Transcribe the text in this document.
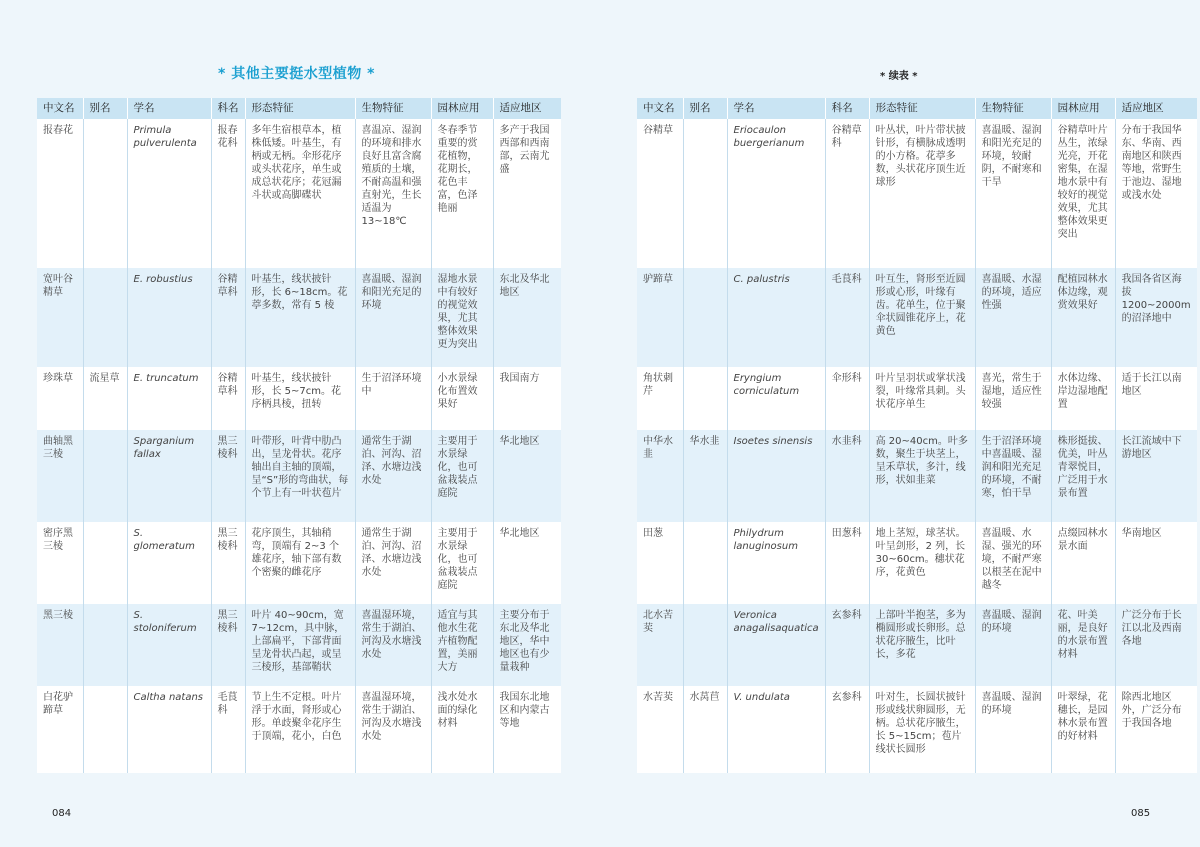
* 其他主要挺水型植物 *
中文名	别名	学名	科名	形态特征	生物特征	园林应用	适应地区
报春花		Primula pulverulenta	报春花科	多年生宿根草本，植株低矮。叶基生，有柄或无柄。伞形花序或头状花序，单生或成总状花序；花冠漏斗状或高脚碟状	喜温凉、湿润的环境和排水良好且富含腐殖质的土壤，不耐高温和强直射光，生长适温为 13~18℃	冬春季节重要的赏花植物，花期长，花色丰富，色泽艳丽	多产于我国西部和西南部，云南尤盛
宽叶谷精草		E. robustius	谷精草科	叶基生，线状披针形，长 6~18cm。花葶多数，常有 5 棱	喜温暖、湿润和阳光充足的环境	湿地水景中有较好的视觉效果，尤其整体效果更为突出	东北及华北地区
珍珠草	流星草	E. truncatum	谷精草科	叶基生，线状披针形，长 5~7cm。花序柄具棱，扭转	生于沼泽环境中	小水景绿化布置效果好	我国南方
曲轴黑三棱		Sparganium fallax	黑三棱科	叶带形，叶背中肋凸出，呈龙骨状。花序轴出自主轴的顶端，呈“S”形的弯曲状，每个节上有一叶状苞片	通常生于湖泊、河沟、沼泽、水塘边浅水处	主要用于水景绿化，也可盆栽装点庭院	华北地区
密序黑三棱		S. glomeratum	黑三棱科	花序顶生，其轴稍弯，顶端有 2~3 个雄花序，轴下部有数个密聚的雌花序	通常生于湖泊、河沟、沼泽、水塘边浅水处	主要用于水景绿化，也可盆栽装点庭院	华北地区
黑三棱		S. stoloniferum	黑三棱科	叶片 40~90cm，宽 7~12cm，具中脉，上部扁平，下部背面呈龙骨状凸起，或呈三棱形，基部鞘状	喜温湿环境，常生于湖泊、河沟及水塘浅水处	适宜与其他水生花卉植物配置，美丽大方	主要分布于东北及华北地区，华中地区也有少量栽种
白花驴蹄草		Caltha natans	毛茛科	节上生不定根。叶片浮于水面，肾形或心形。单歧聚伞花序生于顶端，花小，白色	喜温湿环境，常生于湖泊、河沟及水塘浅水处	浅水处水面的绿化材料	我国东北地区和内蒙古等地
084
* 续表 *
中文名	别名	学名	科名	形态特征	生物特征	园林应用	适应地区
谷精草		Eriocaulon buergerianum	谷精草科	叶丛状，叶片带状披针形，有横脉成透明的小方格。花葶多数，头状花序顶生近球形	喜温暖、湿润和阳光充足的环境，较耐阴，不耐寒和干旱	谷精草叶片丛生，浓绿光亮，开花密集，在湿地水景中有较好的视觉效果，尤其整体效果更突出	分布于我国华东、华南、西南地区和陕西等地，常野生于池边、湿地或浅水处
驴蹄草		C. palustris	毛茛科	叶互生，肾形至近圆形或心形，叶缘有齿。花单生，位于聚伞状圆锥花序上，花黄色	喜温暖、水湿的环境，适应性强	配植园林水体边缘，观赏效果好	我国各省区海拔 1200~2000m 的沼泽地中
角状刺芹		Eryngium corniculatum	伞形科	叶片呈羽状或掌状浅裂，叶缘常具刺。头状花序单生	喜光，常生于湿地，适应性较强	水体边缘、岸边湿地配置	适于长江以南地区
中华水韭	华水韭	Isoetes sinensis	水韭科	高 20~40cm。叶多数，聚生于块茎上，呈禾草状，多汁，线形，状如韭菜	生于沼泽环境中喜温暖、湿润和阳光充足的环境，不耐寒，怕干旱	株形挺拔、优美，叶丛青翠悦目，广泛用于水景布置	长江流域中下游地区
田葱		Philydrum lanuginosum	田葱科	地上茎短，球茎状。叶呈剑形，2 列，长 30~60cm。穗状花序，花黄色	喜温暖、水湿、强光的环境，不耐严寒以根茎在泥中越冬	点缀园林水景水面	华南地区
北水苦荬		Veronica anagalisaquatica	玄参科	上部叶半抱茎，多为椭圆形或长卵形。总状花序腋生，比叶长，多花	喜温暖、湿润的环境	花、叶美丽，是良好的水景布置材料	广泛分布于长江以北及西南各地
水苦荬	水莴苣	V. undulata	玄参科	叶对生，长圆状披针形或线状卵圆形，无柄。总状花序腋生，长 5~15cm；苞片线状长圆形	喜温暖、湿润的环境	叶翠绿，花穗长，是园林水景布置的好材料	除西北地区外，广泛分布于我国各地
085
